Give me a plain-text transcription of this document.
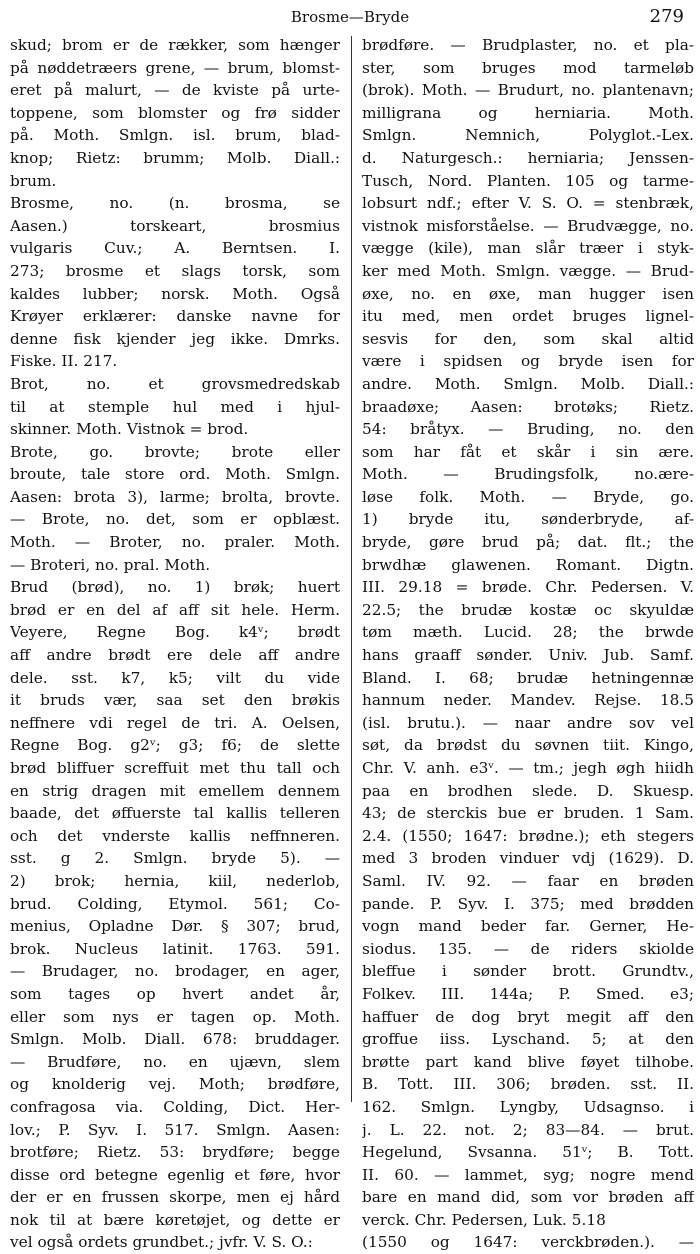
Brosme—Bryde	279
skud; brom er de rækker, som hænger
på nøddetræers grene, — brum, blomst-
eret på malurt, — de kviste på urte-
toppene, som blomster og frø sidder
på. Moth. Smlgn. isl. brum, blad-
knop; Rietz: brumm; Molb. Diall.:
brum.
Brosme, no. (n. brosma, se
Aasen.) torskeart, brosmius
vulgaris Cuv.; A. Berntsen. I.
273; brosme et slags torsk, som
kaldes lubber; norsk. Moth. Også
Krøyer erklærer: danske navne for
denne fisk kjender jeg ikke. Dmrks.
Fiske. II. 217.
Brot, no. et grovsmedredskab
til at stemple hul med i hjul-
skinner. Moth. Vistnok = brod.
Brote, go. brovte; brote eller
broute, tale store ord. Moth. Smlgn.
Aasen: brota 3), larme; brolta, brovte.
— Brote, no. det, som er opblæst.
Moth. — Broter, no. praler. Moth.
— Broteri, no. pral. Moth.
Brud (brød), no. 1) brøk; huert
brød er en del af aff sit hele. Herm.
Veyere, Regne Bog. k4ᵛ; brødt
aff andre brødt ere dele aff andre
dele. sst. k7, k5; vilt du vide
it bruds vær, saa set den brøkis
neffnere vdi regel de tri. A. Oelsen,
Regne Bog. g2ᵛ; g3; f6; de slette
brød bliffuer screffuit met thu tall och
en strig dragen mit emellem dennem
baade, det øffuerste tal kallis telleren
och det vnderste kallis neffnneren.
sst. g 2. Smlgn. bryde 5). —
2) brok; hernia, kiil, nederlob,
brud. Colding, Etymol. 561; Co-
menius, Opladne Dør. § 307; brud,
brok. Nucleus latinit. 1763. 591.
— Brudager, no. brodager, en ager,
som tages op hvert andet år,
eller som nys er tagen op. Moth.
Smlgn. Molb. Diall. 678: bruddager.
— Brudføre, no. en ujævn, slem
og knolderig vej. Moth; brødføre,
confragosa via. Colding, Dict. Her-
lov.; P. Syv. I. 517. Smlgn. Aasen:
brotføre; Rietz. 53: brydføre; begge
disse ord betegne egenlig et føre, hvor
der er en frussen skorpe, men ej hård
nok til at bære køretøjet, og dette er
vel også ordets grundbet.; jvfr. V. S. O.:
brødføre. — Brudplaster, no. et pla-
ster, som bruges mod tarmeløb
(brok). Moth. — Brudurt, no. plantenavn;
milligrana og herniaria. Moth.
Smlgn. Nemnich, Polyglot.-Lex.
d. Naturgesch.: herniaria; Jenssen-
Tusch, Nord. Planten. 105 og tarme-
lobsurt ndf.; efter V. S. O. = stenbræk,
vistnok misforståelse. — Brudvægge, no.
vægge (kile), man slår træer i styk-
ker med Moth. Smlgn. vægge. — Brud-
øxe, no. en øxe, man hugger isen
itu med, men ordet bruges lignel-
sesvis for den, som skal altid
være i spidsen og bryde isen for
andre. Moth. Smlgn. Molb. Diall.:
braadøxe; Aasen: brotøks; Rietz.
54: bråtyx. — Bruding, no. den
som har fåt et skår i sin ære.
Moth. — Brudingsfolk, no.ære-
løse folk. Moth. — Bryde, go.
1) bryde itu, sønderbryde, af-
bryde, gøre brud på; dat. flt.; the
brwdhæ glawenen. Romant. Digtn.
III. 29.18 = brøde. Chr. Pedersen. V.
22.5; the brudæ kostæ oc skyuldæ
tøm mæth. Lucid. 28; the brwde
hans graaff sønder. Univ. Jub. Samf.
Bland. I. 68; brudæ hetningennæ
hannum neder. Mandev. Rejse. 18.5
(isl. brutu.). — naar andre sov vel
søt, da brødst du søvnen tiit. Kingo,
Chr. V. anh. e3ᵛ. — tm.; jegh øgh hiidh
paa en brodhen slede. D. Skuesp.
43; de sterckis bue er bruden. 1 Sam.
2.4. (1550; 1647: brødne.); eth stegers
med 3 broden vinduer vdj (1629). D.
Saml. IV. 92. — faar en brøden
pande. P. Syv. I. 375; med brødden
vogn mand beder far. Gerner, He-
siodus. 135. — de riders skiolde
bleffue i sønder brott. Grundtv.,
Folkev. III. 144a; P. Smed. e3;
haffuer de dog bryt megit aff den
groffue iiss. Lyschand. 5; at den
brøtte part kand blive føyet tilhobe.
B. Tott. III. 306; brøden. sst. II.
162. Smlgn. Lyngby, Udsagnso. i
j. L. 22. not. 2; 83—84. — brut.
Hegelund, Svsanna. 51ᵛ; B. Tott.
II. 60. — lammet, syg; nogre mend
bare en mand did, som vor brøden aff
verck. Chr. Pedersen, Luk. 5.18
(1550 og 1647: verckbrøden.). —
